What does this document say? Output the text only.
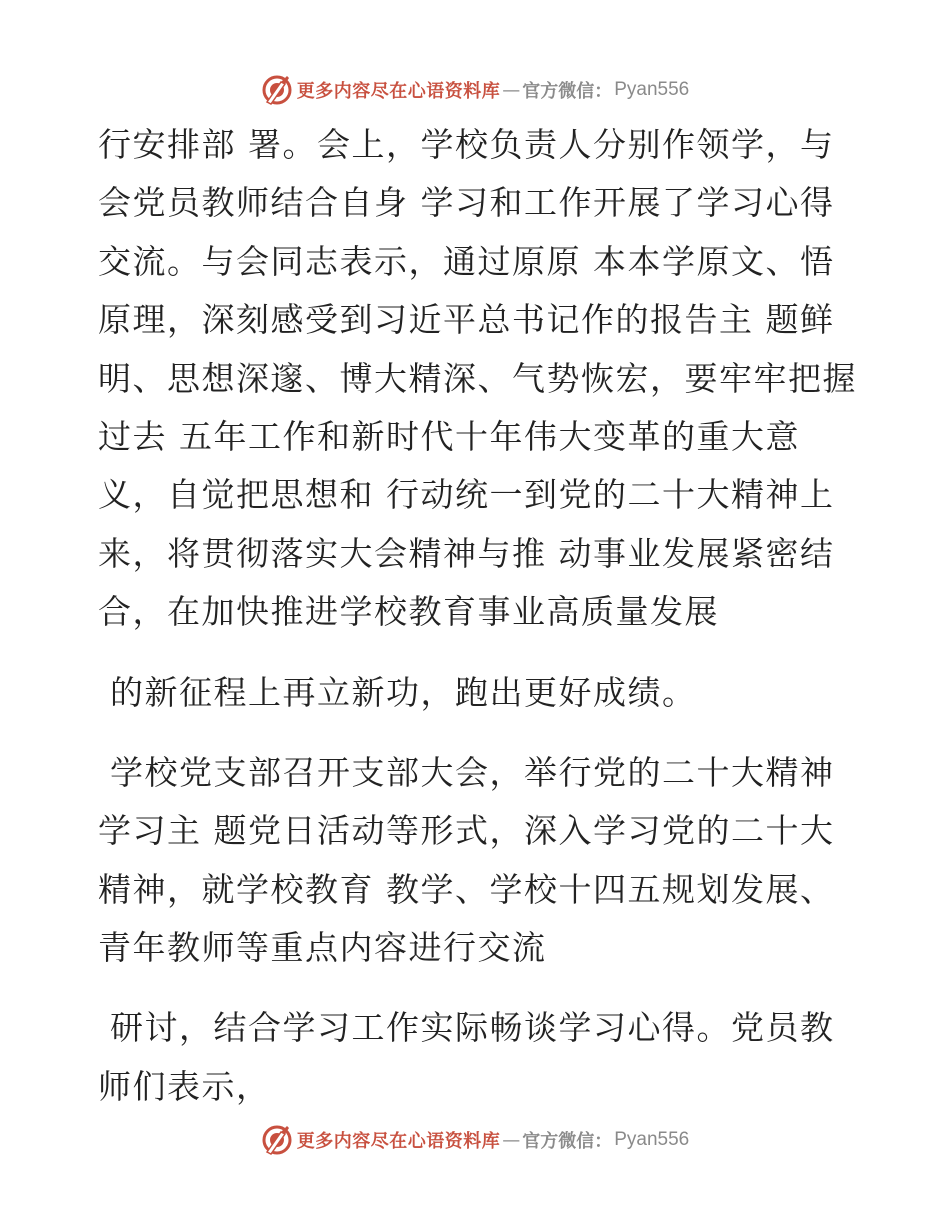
更多内容尽在心语资料库 — 官方微信： Pyan556
行安排部 署。会上，学校负责人分别作领学，与
会党员教师结合自身 学习和工作开展了学习心得
交流。与会同志表示，通过原原 本本学原文、悟
原理，深刻感受到习近平总书记作的报告主 题鲜
明、思想深邃、博大精深、气势恢宏，要牢牢把握
过去 五年工作和新时代十年伟大变革的重大意
义，自觉把思想和 行动统一到党的二十大精神上
来，将贯彻落实大会精神与推 动事业发展紧密结
合，在加快推进学校教育事业高质量发展
的新征程上再立新功，跑出更好成绩。
学校党支部召开支部大会，举行党的二十大精神
学习主 题党日活动等形式，深入学习党的二十大
精神，就学校教育 教学、学校十四五规划发展、
青年教师等重点内容进行交流
研讨，结合学习工作实际畅谈学习心得。党员教
师们表示，
更多内容尽在心语资料库 — 官方微信： Pyan556
